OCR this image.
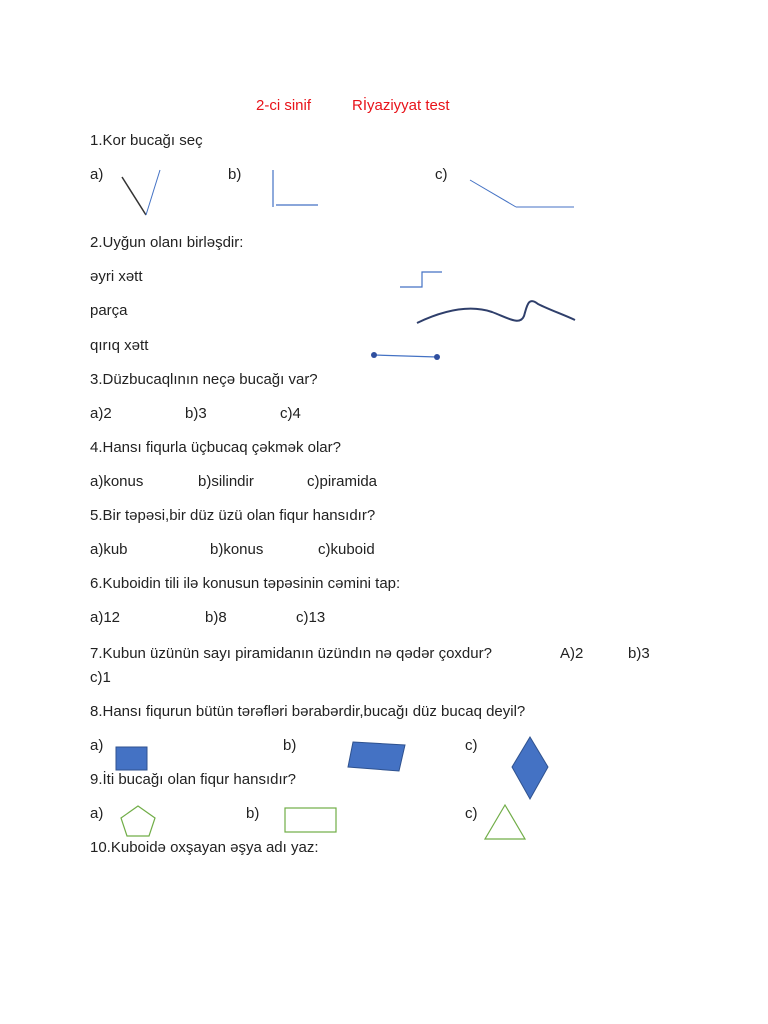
2-ci sinif	Rİyaziyyat test
1.Kor bucağı seç
a)	b)	c)
2.Uyğun olanı birləşdir:
əyri xətt
parça
qırıq xətt
3.Düzbucaqlının neçə bucağı var?
a)2	b)3	c)4
4.Hansı fiqurla üçbucaq çəkmək olar?
a)konus	b)silindir	c)piramida
5.Bir təpəsi,bir düz üzü olan fiqur hansıdır?
a)kub	b)konus	c)kuboid
6.Kuboidin tili ilə konusun təpəsinin cəmini tap:
a)12	b)8	c)13
7.Kubun üzünün sayı piramidanın üzündın nə qədər çoxdur?	A)2	b)3
c)1
8.Hansı fiqurun bütün tərəfləri bərabərdir,bucağı düz bucaq deyil?
a)	b)	c)
9.İti bucağı olan fiqur hansıdır?
a)	b)	c)
10.Kuboidə oxşayan əşya adı yaz:
